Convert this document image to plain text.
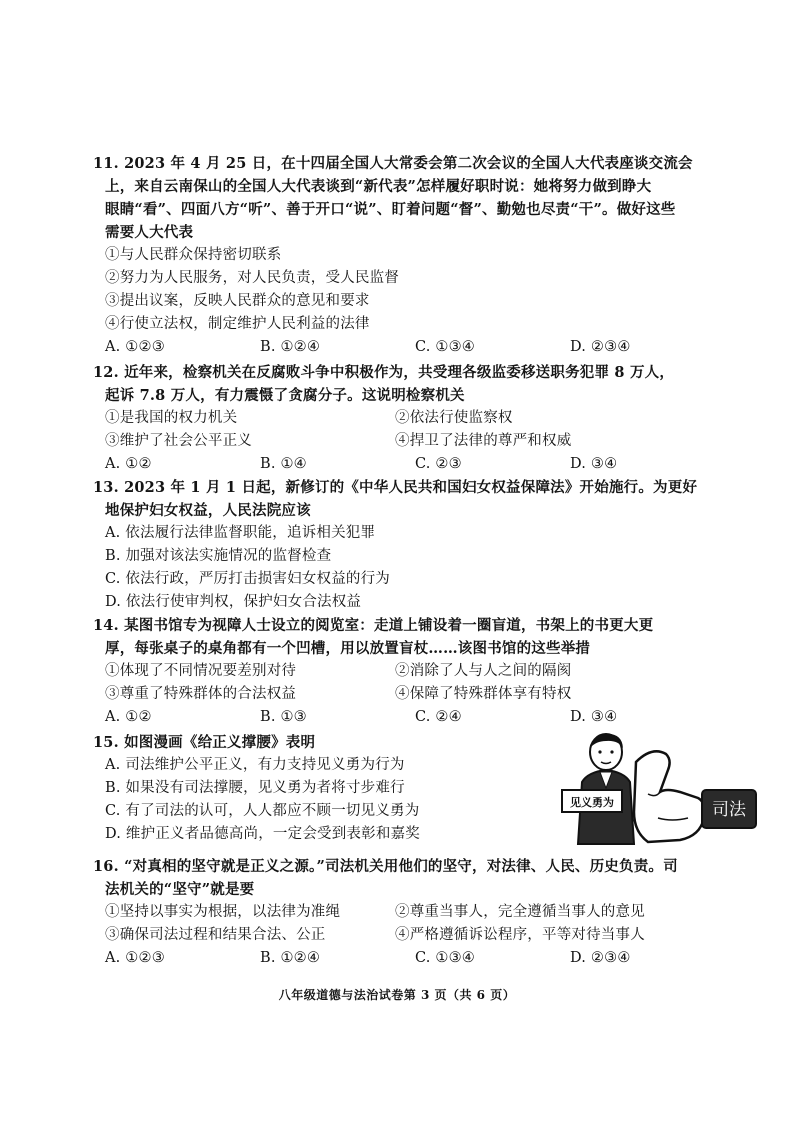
11. 2023 年 4 月 25 日，在十四届全国人大常委会第二次会议的全国人大代表座谈交流会
上，来自云南保山的全国人大代表谈到“新代表”怎样履好职时说：她将努力做到睁大
眼睛“看”、四面八方“听”、善于开口“说”、盯着问题“督”、勤勉也尽责“干”。做好这些
需要人大代表
①与人民群众保持密切联系
②努力为人民服务，对人民负责，受人民监督
③提出议案，反映人民群众的意见和要求
④行使立法权，制定维护人民利益的法律
A. ①②③	B. ①②④	C. ①③④	D. ②③④
12. 近年来，检察机关在反腐败斗争中积极作为，共受理各级监委移送职务犯罪 8 万人，
起诉 7.8 万人，有力震慑了贪腐分子。这说明检察机关
①是我国的权力机关	②依法行使监察权
③维护了社会公平正义	④捍卫了法律的尊严和权威
A. ①②	B. ①④	C. ②③	D. ③④
13. 2023 年 1 月 1 日起，新修订的《中华人民共和国妇女权益保障法》开始施行。为更好
地保护妇女权益，人民法院应该
A. 依法履行法律监督职能，追诉相关犯罪
B. 加强对该法实施情况的监督检查
C. 依法行政，严厉打击损害妇女权益的行为
D. 依法行使审判权，保护妇女合法权益
14. 某图书馆专为视障人士设立的阅览室：走道上铺设着一圈盲道，书架上的书更大更
厚，每张桌子的桌角都有一个凹槽，用以放置盲杖……该图书馆的这些举措
①体现了不同情况要差别对待	②消除了人与人之间的隔阂
③尊重了特殊群体的合法权益	④保障了特殊群体享有特权
A. ①②	B. ①③	C. ②④	D. ③④
15. 如图漫画《给正义撑腰》表明
A. 司法维护公平正义，有力支持见义勇为行为
B. 如果没有司法撑腰，见义勇为者将寸步难行
C. 有了司法的认可，人人都应不顾一切见义勇为
D. 维护正义者品德高尚，一定会受到表彰和嘉奖
见义勇为	司法
16. “对真相的坚守就是正义之源。”司法机关用他们的坚守，对法律、人民、历史负责。司
法机关的“坚守”就是要
①坚持以事实为根据，以法律为准绳	②尊重当事人，完全遵循当事人的意见
③确保司法过程和结果合法、公正	④严格遵循诉讼程序，平等对待当事人
A. ①②③	B. ①②④	C. ①③④	D. ②③④
八年级道德与法治试卷第 3 页（共 6 页）
